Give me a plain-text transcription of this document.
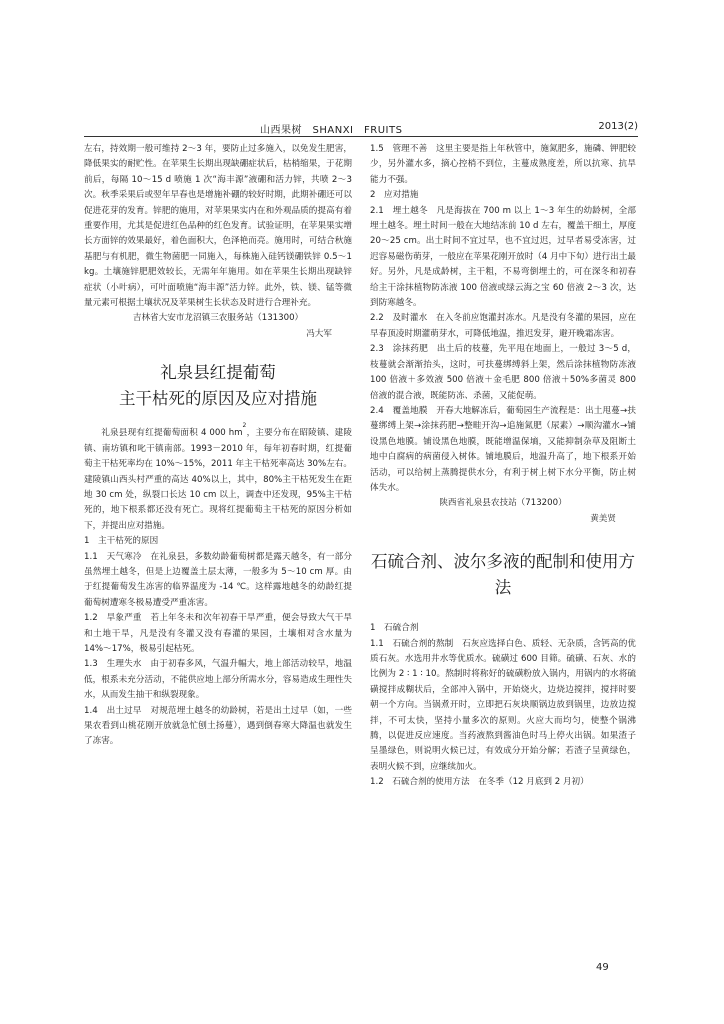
山西果树　SHANXI　FRUITS	2013(2)

左右，持效期一般可维持 2～3 年，要防止过多施入，以免发生肥害，降低果实的耐贮性。在苹果生长期出现缺硼症状后，枯梢缩果，于花期前后，每隔 10～15 d 喷施 1 次“海丰源”液硼和活力锌，共喷 2～3 次。秋季采果后或翌年早春也是增施补硼的较好时期，此期补硼还可以促进花芽的发育。锌肥的施用，对苹果果实内在和外观品质的提高有着重要作用，尤其是促进红色品种的红色发育。试验证明，在苹果果实增长方面锌的效果最好，着色面积大，色泽艳而亮。施用时，可结合秋施基肥与有机肥，微生物菌肥一同施入，每株施入硅钙镁硼铁锌 0.5～1 kg。土壤施锌肥肥效较长，无需年年施用。如在苹果生长期出现缺锌症状（小叶病），可叶面喷施“海丰源”活力锌。此外，铁、镁、锰等微量元素可根据土壤状况及苹果树生长状态及时进行合理补充。

吉林省大安市龙沼镇三农服务站（131300）

冯大军

礼泉县红提葡萄
主干枯死的原因及应对措施

礼泉县现有红提葡萄面积 4 000 $hm^2$，主要分布在昭陵镇、建陵镇、南坊镇和叱干镇南部。1993－2010 年，每年初春时期，红提葡萄主干枯死率均在 10%～15%，2011 年主干枯死率高达 30%左右。建陵镇山西头村严重的高达 40%以上，其中，80%主干枯死发生在距地 30 cm 处，纵裂口长达 10 cm 以上，调查中还发现，95%主干枯死的，地下根系都还没有死亡。现将红提葡萄主干枯死的原因分析如下，并提出应对措施。

1　主干枯死的原因

1.1　天气寒冷　在礼泉县，多数幼龄葡萄树都是露天越冬，有一部分虽然埋土越冬，但是上边覆盖土层太薄，一般多为 5～10 cm 厚。由于红提葡萄发生冻害的临界温度为 -14 ℃。这样露地越冬的幼龄红提葡萄树遭寒冬极易遭受严重冻害。

1.2　旱象严重　若上年冬未和次年初春干旱严重，便会导致大气干旱和土地干旱，凡是没有冬灌又没有春灌的果园，土壤相对含水量为 14%～17%，极易引起枯死。

1.3　生理失水　由于初春多风，气温升幅大，地上部活动较早，地温低，根系未充分活动，不能供应地上部分所需水分，容易造成生理性失水，从而发生抽干和纵裂现象。

1.4　出土过早　对规范埋土越冬的幼龄树，若是出土过早（如，一些果农看到山桃花刚开放就急忙刨土扬蔓），遇到倒春寒大降温也就发生了冻害。

1.5　管理不善　这里主要是指上年秋管中，施氮肥多，施磷、钾肥较少，另外灌水多，摘心控梢不到位，主蔓成熟度差，所以抗寒、抗旱能力不强。

2　应对措施

2.1　埋土越冬　凡是海拔在 700 m 以上 1～3 年生的幼龄树，全部埋土越冬。埋土时间一般在大地结冻前 10 d 左右，覆盖干细土，厚度 20～25 cm。出土时间不宜过早，也不宜过迟，过早者易受冻害，过迟容易磁伤萌芽，一般应在苹果花刚开放时（4 月中下旬）进行出土最好。另外，凡是成龄树，主干粗，不易弯倒埋土的，可在深冬和初春给主干涂抹植物防冻液 100 倍液或绿云海之宝 60 倍液 2～3 次，达到防寒越冬。

2.2　及时灌水　在入冬前应饱灌封冻水。凡是没有冬灌的果园，应在早春顶凌时期灌萌芽水，可降低地温，推迟发芽，避开晚霜冻害。

2.3　涂抹药肥　出土后的枝蔓，先平甩在地面上，一般过 3～5 d，枝蔓就会渐渐抬头，这时，可扶蔓绑缚斜上架，然后涂抹植物防冻液 100 倍液＋多效液 500 倍液＋金毛肥 800 倍液＋50%多菌灵 800 倍液的混合液，既能防冻、杀菌，又能促萌。

2.4　覆盖地膜　开春大地解冻后，葡萄园生产流程是：出土甩蔓→扶蔓绑缚上架→涂抹药肥→整畦开沟→追施氮肥（尿素）→顺沟灌水→铺设黑色地膜。铺设黑色地膜，既能增温保墒，又能抑制杂草及阻断土地中白腐病的病菌侵入树体。铺地膜后，地温升高了，地下根系开始活动，可以给树上蒸腾提供水分，有利于树上树下水分平衡，防止树体失水。

陕西省礼泉县农技站（713200）

黄美贤

石硫合剂、波尔多液的配制和使用方法

1　石硫合剂

1.1　石硫合剂的熬制　石灰应选择白色、质轻、无杂质，含钙高的优质石灰。水选用井水等优质水。硫磺过 600 目筛。硫磺、石灰、水的比例为 2 ∶ 1 ∶ 10。熬制时将称好的硫磺粉放入锅内，用锅内的水将硫磺搅拌成糊状后，全部冲入锅中，开始烧火，边烧边搅拌，搅拌时要朝一个方向。当锅煮开时，立即把石灰块顺锅边放到锅里，边放边搅拌，不可太快，坚持小量多次的原则。火应大而均匀，使整个锅沸腾，以促进反应速度。当药液熬到酱油色时马上停火出锅。如果渣子呈墨绿色，则说明火候已过，有效成分开始分解；若渣子呈黄绿色，表明火候不到，应继续加火。

1.2　石硫合剂的使用方法　在冬季（12 月底到 2 月初）

49
